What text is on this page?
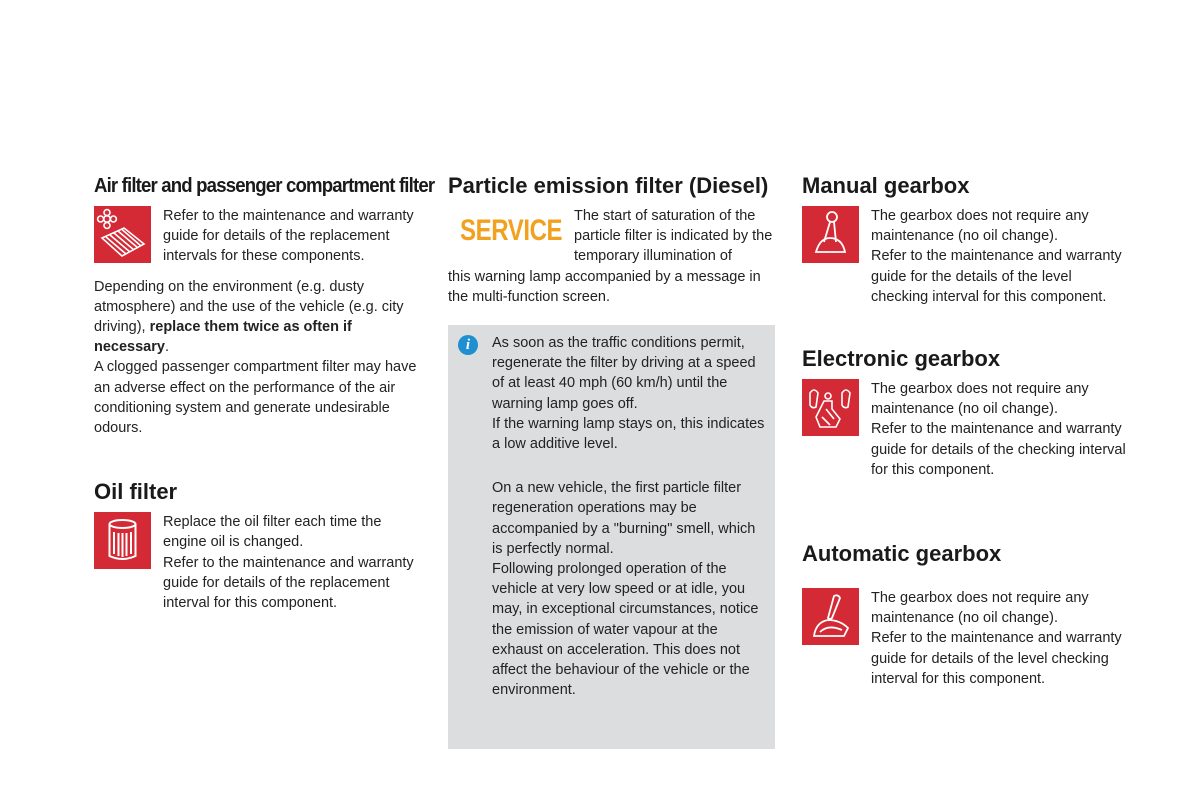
Air filter and passenger compartment filter
Refer to the maintenance and warranty guide for details of the replacement intervals for these components.
Depending on the environment (e.g. dusty atmosphere) and the use of the vehicle (e.g. city driving), replace them twice as often if necessary.

A clogged passenger compartment filter may have an adverse effect on the performance of the air conditioning system and generate undesirable odours.

Oil filter

Replace the oil filter each time the engine oil is changed.

Refer to the maintenance and warranty guide for details of the replacement interval for this component.

Particle emission filter (Diesel)
SERVICE The start of saturation of the particle filter is indicated by the temporary illumination of

this warning lamp accompanied by a message in the multi-function screen.

i	As soon as the traffic conditions permit, regenerate the filter by driving at a speed of at least 40 mph (60 km/h) until the warning lamp goes off.

If the warning lamp stays on, this indicates a low additive level.

On a new vehicle, the first particle filter regeneration operations may be accompanied by a "burning" smell, which is perfectly normal.

Following prolonged operation of the vehicle at very low speed or at idle, you may, in exceptional circumstances, notice the emission of water vapour at the exhaust on acceleration. This does not affect the behaviour of the vehicle or the environment.

Manual gearbox

The gearbox does not require any maintenance (no oil change).

Refer to the maintenance and warranty guide for the details of the level checking interval for this component.

Electronic gearbox

The gearbox does not require any maintenance (no oil change).

Refer to the maintenance and warranty guide for details of the checking interval for this component.

Automatic gearbox

The gearbox does not require any maintenance (no oil change).

Refer to the maintenance and warranty guide for details of the level checking interval for this component.
